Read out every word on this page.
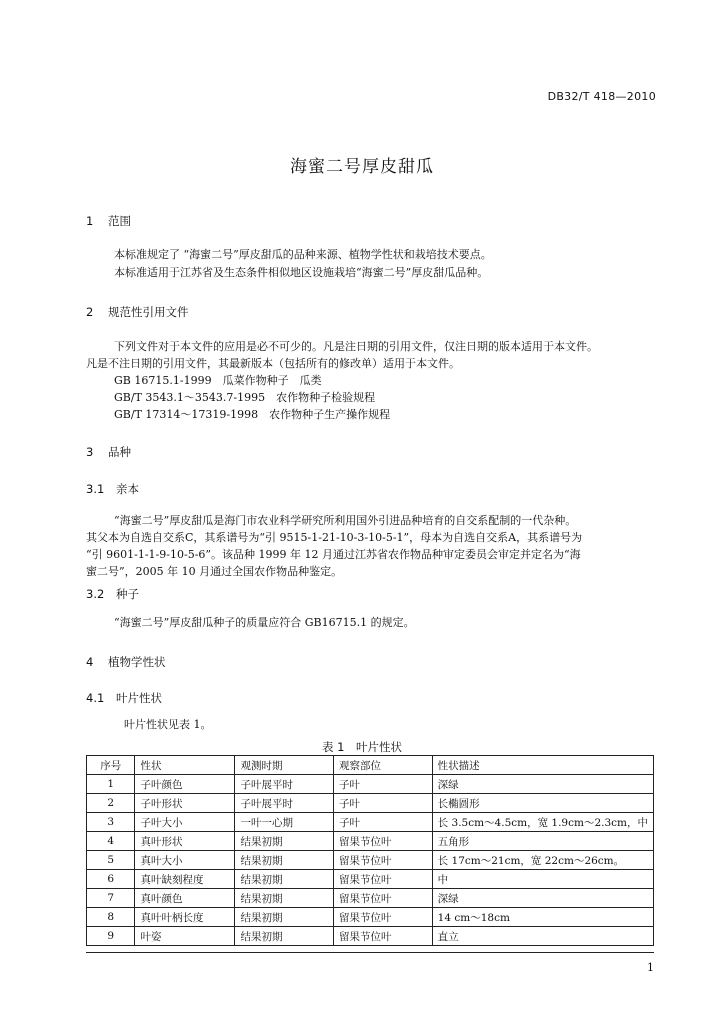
DB32/T 418—2010
海蜜二号厚皮甜瓜
1 范围
本标准规定了 “海蜜二号”厚皮甜瓜的品种来源、植物学性状和栽培技术要点。
本标准适用于江苏省及生态条件相似地区设施栽培“海蜜二号”厚皮甜瓜品种。
2 规范性引用文件
下列文件对于本文件的应用是必不可少的。凡是注日期的引用文件，仅注日期的版本适用于本文件。
凡是不注日期的引用文件，其最新版本（包括所有的修改单）适用于本文件。
GB 16715.1-1999　瓜菜作物种子　瓜类
GB/T 3543.1～3543.7-1995　农作物种子检验规程
GB/T 17314～17319-1998　农作物种子生产操作规程
3 品种
3.1 亲本
“海蜜二号”厚皮甜瓜是海门市农业科学研究所利用国外引进品种培育的自交系配制的一代杂种。
其父本为自选自交系C，其系谱号为“引 9515-1-21-10-3-10-5-1”，母本为自选自交系A，其系谱号为
“引 9601-1-1-9-10-5-6”。该品种 1999 年 12 月通过江苏省农作物品种审定委员会审定并定名为“海
蜜二号”，2005 年 10 月通过全国农作物品种鉴定。
3.2 种子
“海蜜二号”厚皮甜瓜种子的质量应符合 GB16715.1 的规定。
4 植物学性状
4.1 叶片性状
叶片性状见表 1。
表 1　叶片性状
序号	性状	观测时期	观察部位	性状描述
1	子叶颜色	子叶展平时	子叶	深绿
2	子叶形状	子叶展平时	子叶	长椭圆形
3	子叶大小	一叶一心期	子叶	长 3.5cm～4.5cm，宽 1.9cm～2.3cm，中
4	真叶形状	结果初期	留果节位叶	五角形
5	真叶大小	结果初期	留果节位叶	长 17cm～21cm，宽 22cm～26cm。
6	真叶缺刻程度	结果初期	留果节位叶	中
7	真叶颜色	结果初期	留果节位叶	深绿
8	真叶叶柄长度	结果初期	留果节位叶	14 cm～18cm
9	叶姿	结果初期	留果节位叶	直立
1
